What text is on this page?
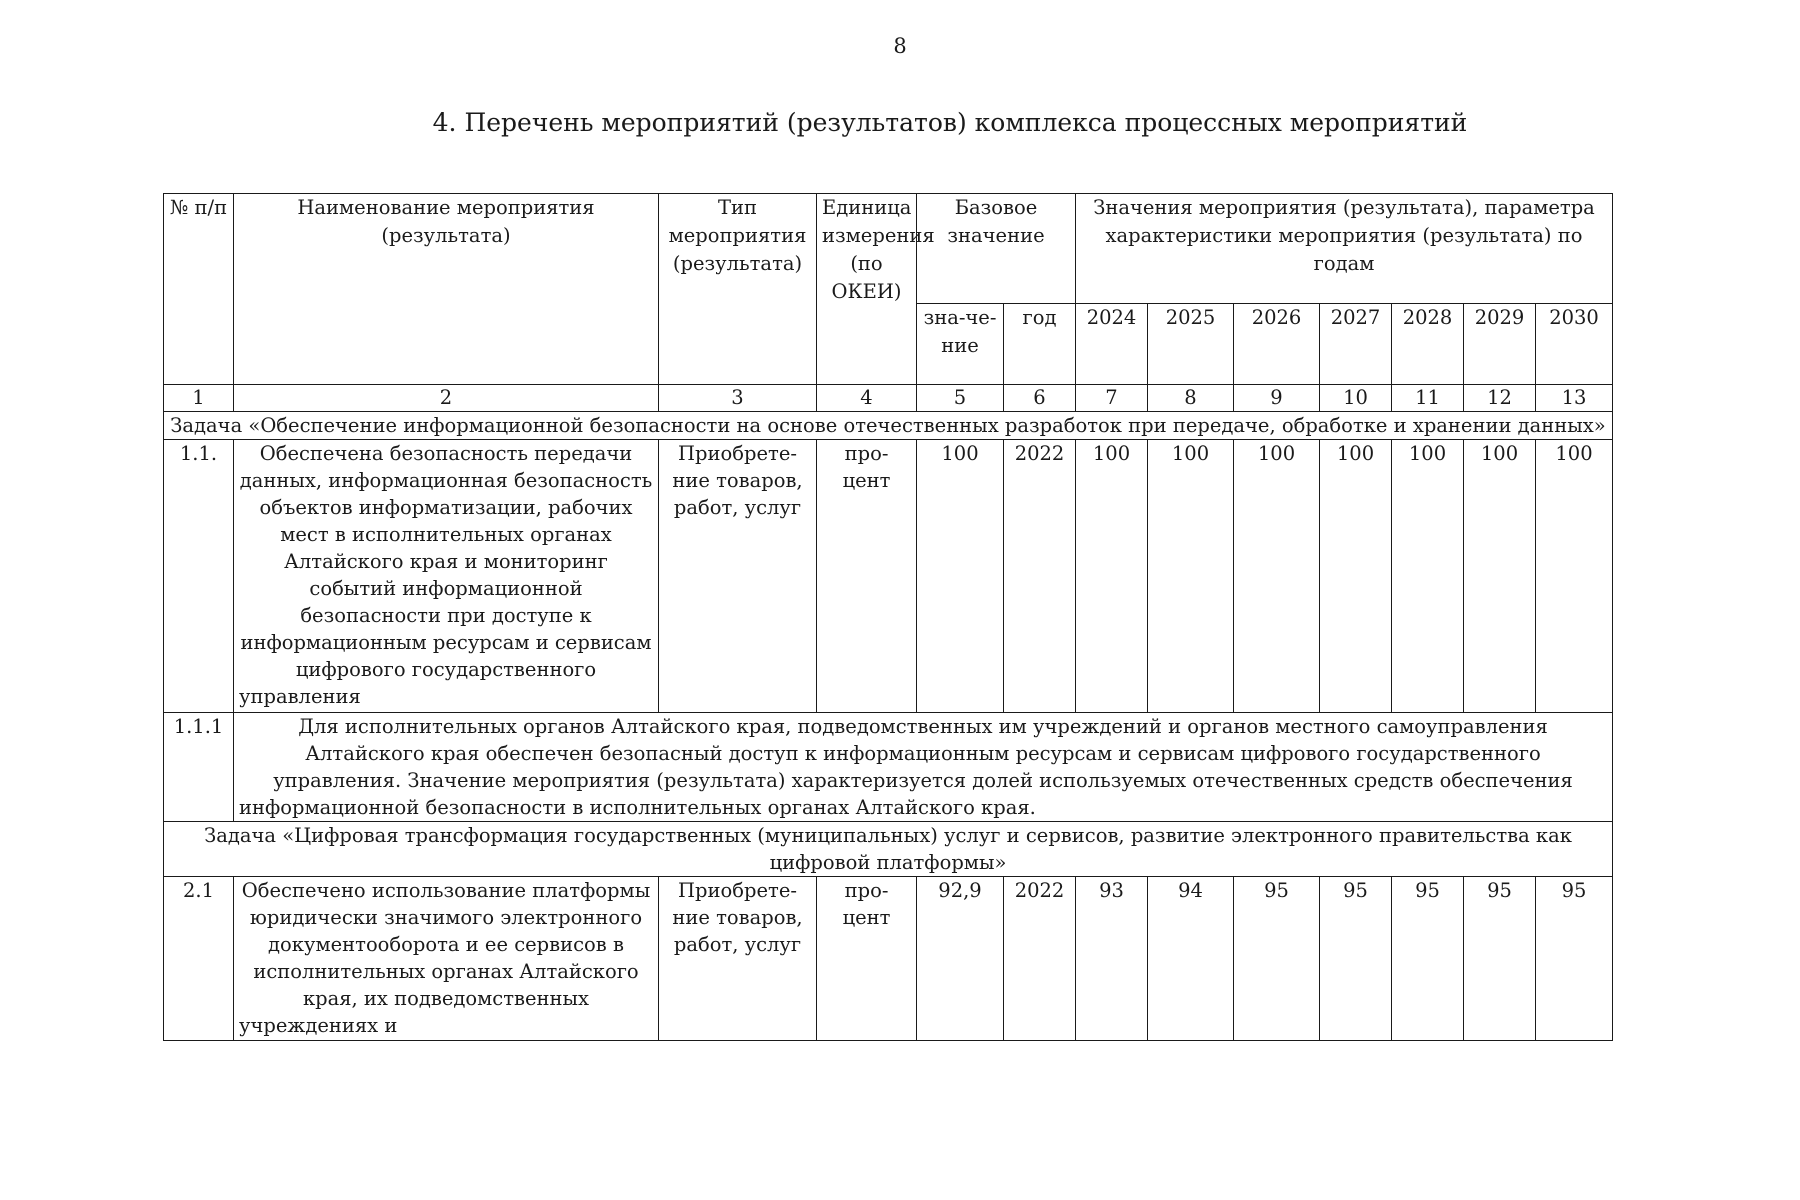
8
4. Перечень мероприятий (результатов) комплекса процессных мероприятий
№ п/п	Наименование мероприятия (результата)	Тип мероприятия (результата)	Единица измерения (по ОКЕИ)	Базовое значение		Значения мероприятия (результата), параметра характеристики мероприятия (результата) по годам						
				зна-че-ние	год	2024	2025	2026	2027	2028	2029	2030
1	2	3	4	5	6	7	8	9	10	11	12	13
Задача «Обеспечение информационной безопасности на основе отечественных разработок при передаче, обработке и хранении данных»												
1.1.	Обеспечена безопасность передачи данных, информационная безопасность объектов информатизации, рабочих мест в исполнительных органах Алтайского края и мониторинг событий информационной безопасности при доступе к информационным ресурсам и сервисам цифрового государственного управления	Приобрете-ние товаров, работ, услуг	про-цент	100	2022	100	100	100	100	100	100	100
1.1.1	Для исполнительных органов Алтайского края, подведомственных им учреждений и органов местного самоуправления Алтайского края обеспечен безопасный доступ к информационным ресурсам и сервисам цифрового государственного управления. Значение мероприятия (результата) характеризуется долей используемых отечественных средств обеспечения информационной безопасности в исполнительных органах Алтайского края.											
Задача «Цифровая трансформация государственных (муниципальных) услуг и сервисов, развитие электронного правительства как цифровой платформы»												
2.1	Обеспечено использование платформы юридически значимого электронного документооборота и ее сервисов в исполнительных органах Алтайского края, их подведомственных учреждениях и	Приобрете-ние товаров, работ, услуг	про-цент	92,9	2022	93	94	95	95	95	95	95
